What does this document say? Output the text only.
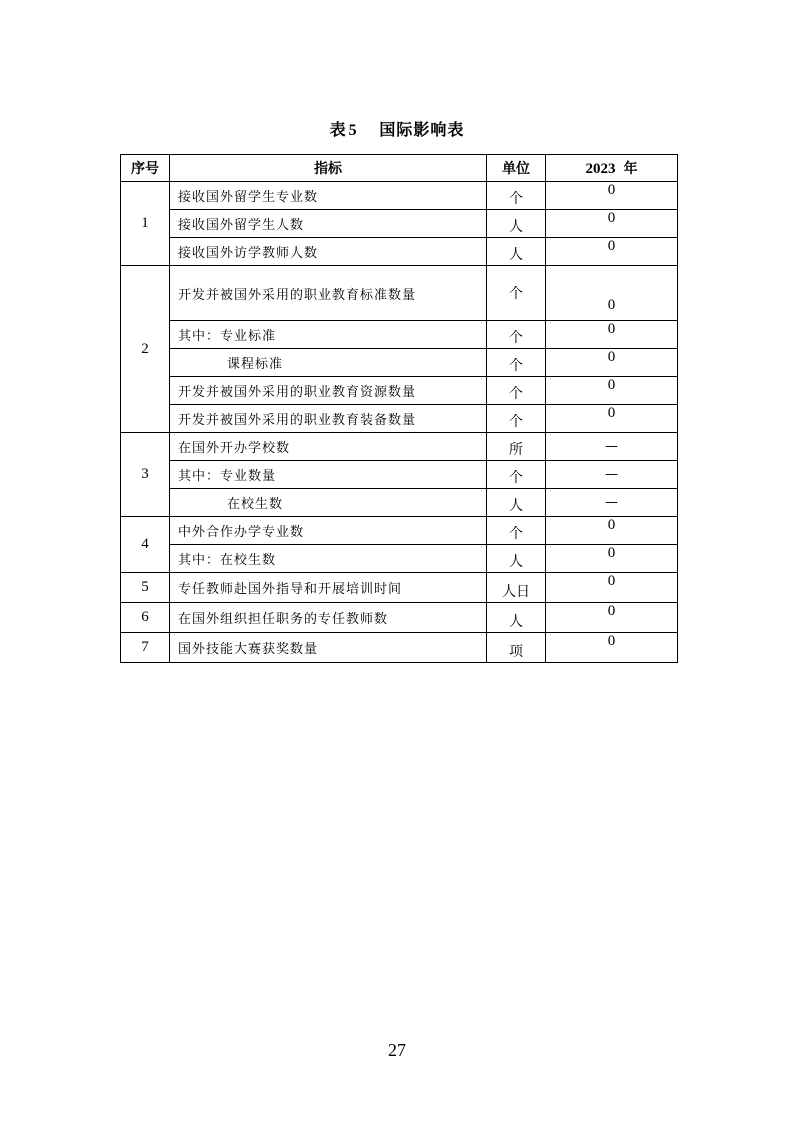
表 5 国际影响表
序号	指标	单位	2023 年
1	接收国外留学生专业数	个	0
	接收国外留学生人数	人	0
	接收国外访学教师人数	人	0
2	开发并被国外采用的职业教育标准数量	个	0
	其中：专业标准	个	0
	课程标准	个	0
	开发并被国外采用的职业教育资源数量	个	0
	开发并被国外采用的职业教育装备数量	个	0
3	在国外开办学校数	所	—
	其中：专业数量	个	—
	在校生数	人	—
4	中外合作办学专业数	个	0
	其中：在校生数	人	0
5	专任教师赴国外指导和开展培训时间	人日	0
6	在国外组织担任职务的专任教师数	人	0
7	国外技能大赛获奖数量	项	0
27
